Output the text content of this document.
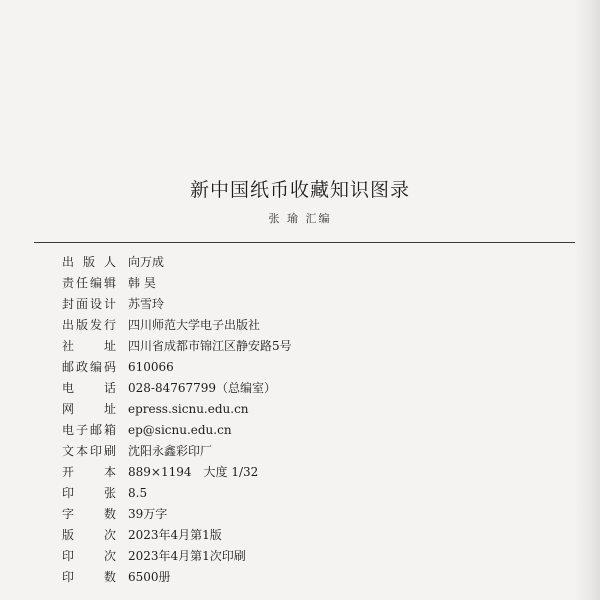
新中国纸币收藏知识图录
张 瑜 汇编
出 版 人 向万成
责 任 编 辑 韩 昊
封 面 设 计 苏雪玲
出 版 发 行 四川师范大学电子出版社
社 址 四川省成都市锦江区静安路5号
邮 政 编 码 610066
电 话 028-84767799（总编室）
网 址 epress.sicnu.edu.cn
电 子 邮 箱 ep@sicnu.edu.cn
文 本 印 刷 沈阳永鑫彩印厂
开 本 889×1194　大度 1/32
印 张 8.5
字 数 39万字
版 次 2023年4月第1版
印 次 2023年4月第1次印刷
印 数 6500册
